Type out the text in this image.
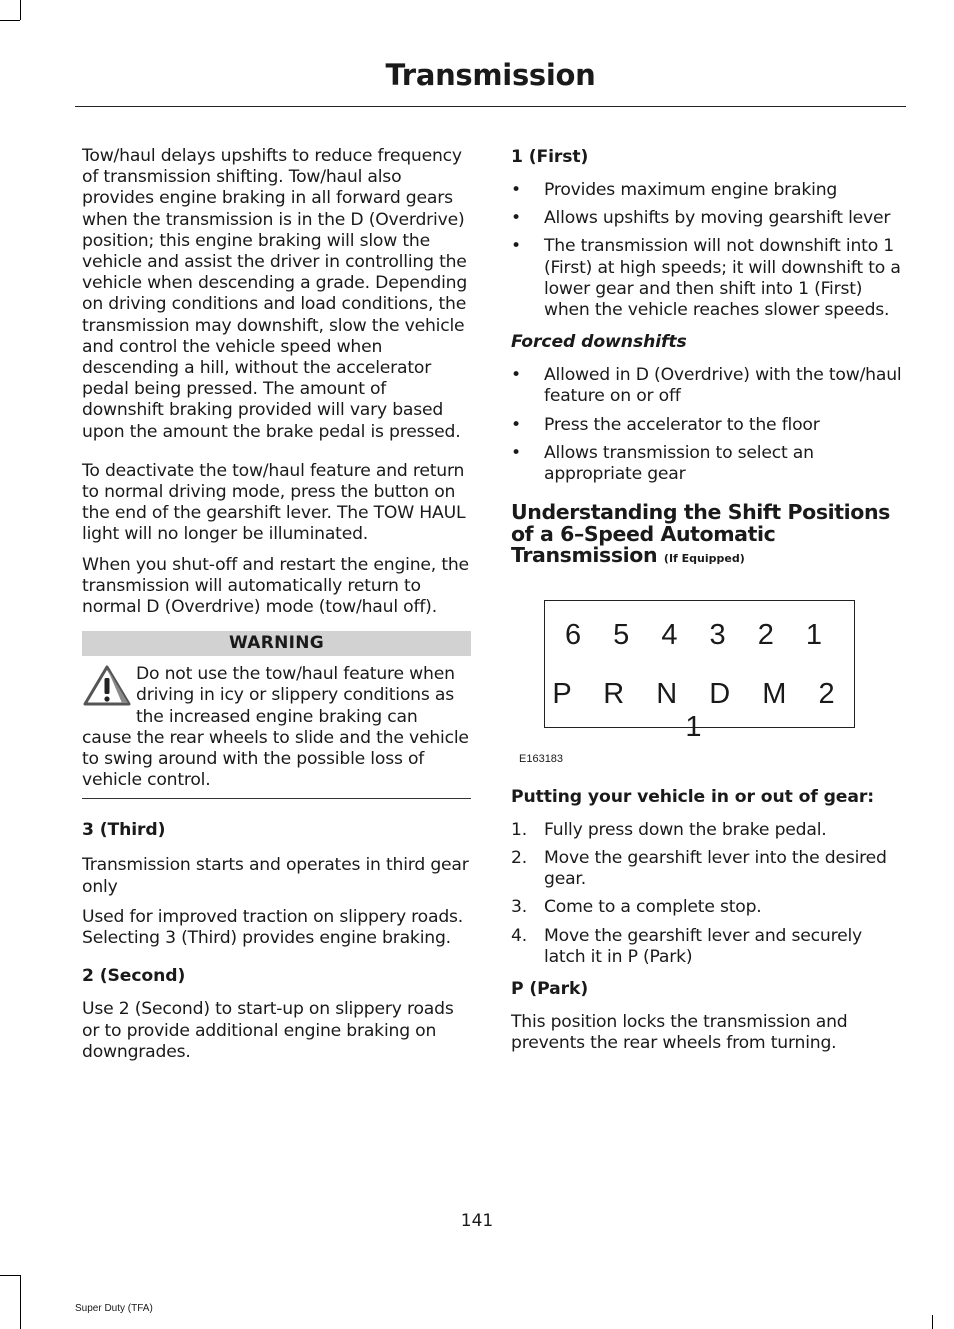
Transmission

Tow/haul delays upshifts to reduce frequency of transmission shifting. Tow/haul also provides engine braking in all forward gears when the transmission is in the D (Overdrive) position; this engine braking will slow the vehicle and assist the driver in controlling the vehicle when descending a grade. Depending on driving conditions and load conditions, the transmission may downshift, slow the vehicle and control the vehicle speed when descending a hill, without the accelerator pedal being pressed. The amount of downshift braking provided will vary based upon the amount the brake pedal is pressed.

To deactivate the tow/haul feature and return to normal driving mode, press the button on the end of the gearshift lever. The TOW HAUL light will no longer be illuminated.

When you shut-off and restart the engine, the transmission will automatically return to normal D (Overdrive) mode (tow/haul off).

WARNING
Do not use the tow/haul feature when driving in icy or slippery conditions as the increased engine braking can cause the rear wheels to slide and the vehicle to swing around with the possible loss of vehicle control.
3 (Third)

Transmission starts and operates in third gear only

Used for improved traction on slippery roads. Selecting 3 (Third) provides engine braking.

2 (Second)

Use 2 (Second) to start-up on slippery roads or to provide additional engine braking on downgrades.

1 (First)
• Provides maximum engine braking
• Allows upshifts by moving gearshift lever
• The transmission will not downshift into 1 (First) at high speeds; it will downshift to a lower gear and then shift into 1 (First) when the vehicle reaches slower speeds.
Forced downshifts
• Allowed in D (Overdrive) with the tow/haul feature on or off
• Press the accelerator to the floor
• Allows transmission to select an appropriate gear
Understanding the Shift Positions of a 6–Speed Automatic Transmission (If Equipped)
6 5 4 3 2 1
P R N D M 2 1
E163183
Putting your vehicle in or out of gear:
1. Fully press down the brake pedal.
2. Move the gearshift lever into the desired gear.
3. Come to a complete stop.
4. Move the gearshift lever and securely latch it in P (Park)
P (Park)

This position locks the transmission and prevents the rear wheels from turning.

141
Super Duty (TFA)
